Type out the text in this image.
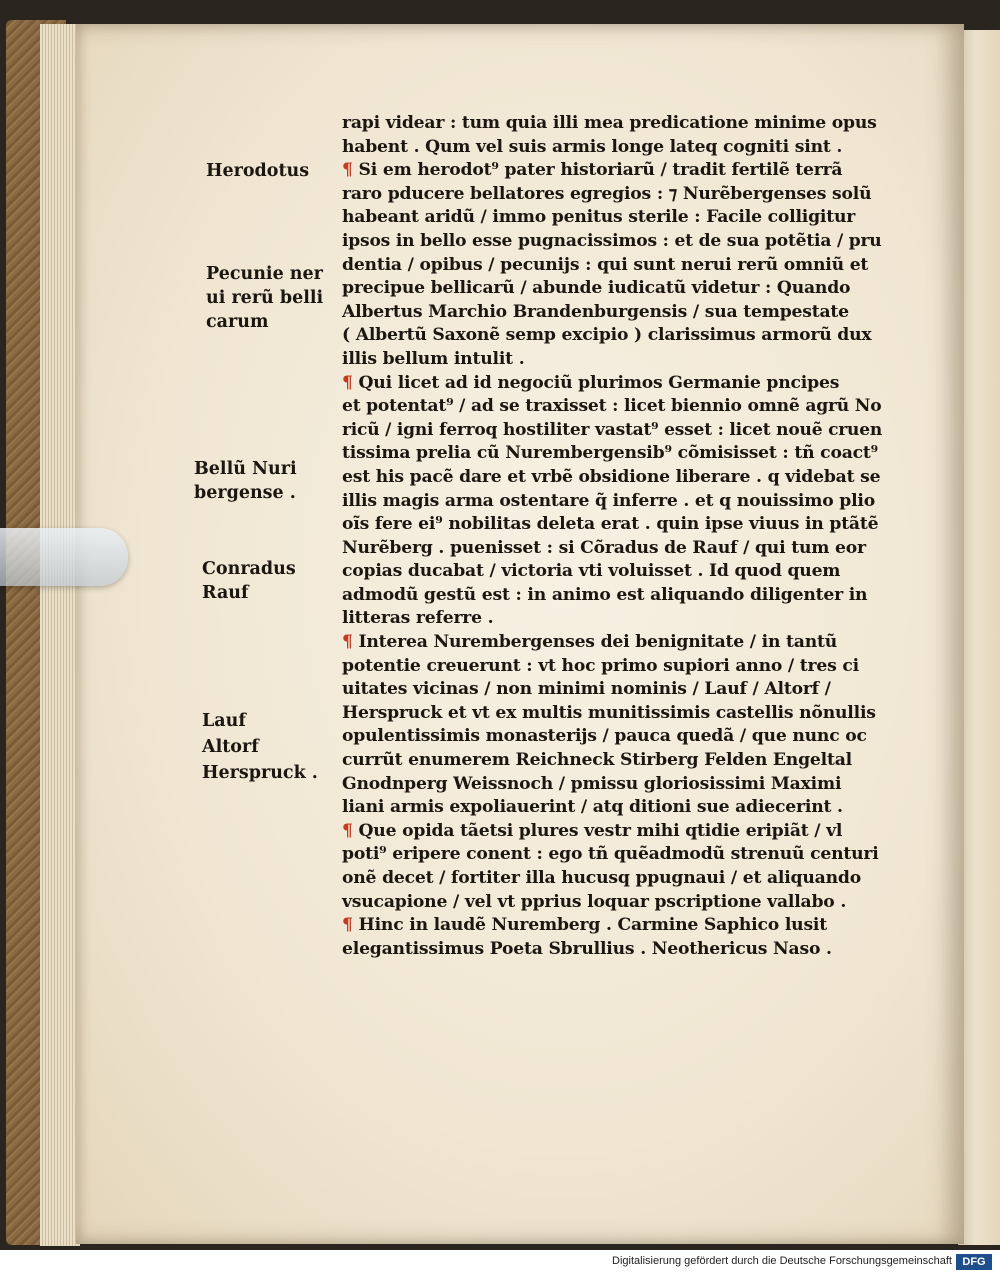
Herodotus
Pecunie ner
ui rerũ belli
carum
Bellũ Nuri
bergense .
Conradus
Rauf
Lauf
Altorf
Herspruck .
rapi videar : tum quia illi mea predicatione minime opus
habent . Qum vel suis armis longe lateq cogniti sint .
¶ Si em herodot⁹ pater historiarũ / tradit fertilẽ terrã
raro pducere bellatores egregios : ⁊ Nurẽbergenses solũ
habeant aridũ / immo penitus sterile : Facile colligitur
ipsos in bello esse pugnacissimos : et de sua potẽtia / pru
dentia / opibus / pecunijs : qui sunt nerui rerũ omniũ et
precipue bellicarũ / abunde iudicatũ videtur : Quando
Albertus Marchio Brandenburgensis / sua tempestate
( Albertũ Saxonẽ semp excipio ) clarissimus armorũ dux
illis bellum intulit .
¶ Qui licet ad id negociũ plurimos Germanie pncipes
et potentat⁹ / ad se traxisset : licet biennio omnẽ agrũ No
ricũ / igni ferroq hostiliter vastat⁹ esset : licet nouẽ cruen
tissima prelia cũ Nurembergensib⁹ cõmisisset : tñ coact⁹
est his pacẽ dare et vrbẽ obsidione liberare . q videbat se
illis magis arma ostentare q̃ inferre . et q nouissimo plio
oĩs fere ei⁹ nobilitas deleta erat . quin ipse viuus in ptãtẽ
Nurẽberg . puenisset : si Cõradus de Rauf / qui tum eor
copias ducabat / victoria vti voluisset . Id quod quem
admodũ gestũ est : in animo est aliquando diligenter in
litteras referre .
¶ Interea Nurembergenses dei benignitate / in tantũ
potentie creuerunt : vt hoc primo supiori anno / tres ci
uitates vicinas / non minimi nominis / Lauf / Altorf /
Herspruck et vt ex multis munitissimis castellis nõnullis
opulentissimis monasterijs / pauca quedã / que nunc oc
currũt enumerem Reichneck Stirberg Felden Engeltal
Gnodnperg Weissnoch / pmissu gloriosissimi Maximi
liani armis expoliauerint / atq ditioni sue adiecerint .
¶ Que opida tãetsi plures vestr mihi qtidie eripiãt / vl
poti⁹ eripere conent : ego tñ quẽadmodũ strenuũ centuri
onẽ decet / fortiter illa hucusq ppugnaui / et aliquando
vsucapione / vel vt pprius loquar pscriptione vallabo .
¶ Hinc in laudẽ Nuremberg . Carmine Saphico lusit
elegantissimus Poeta Sbrullius . Neothericus Naso .
Digitalisierung gefördert durch die Deutsche Forschungsgemeinschaft DFG
